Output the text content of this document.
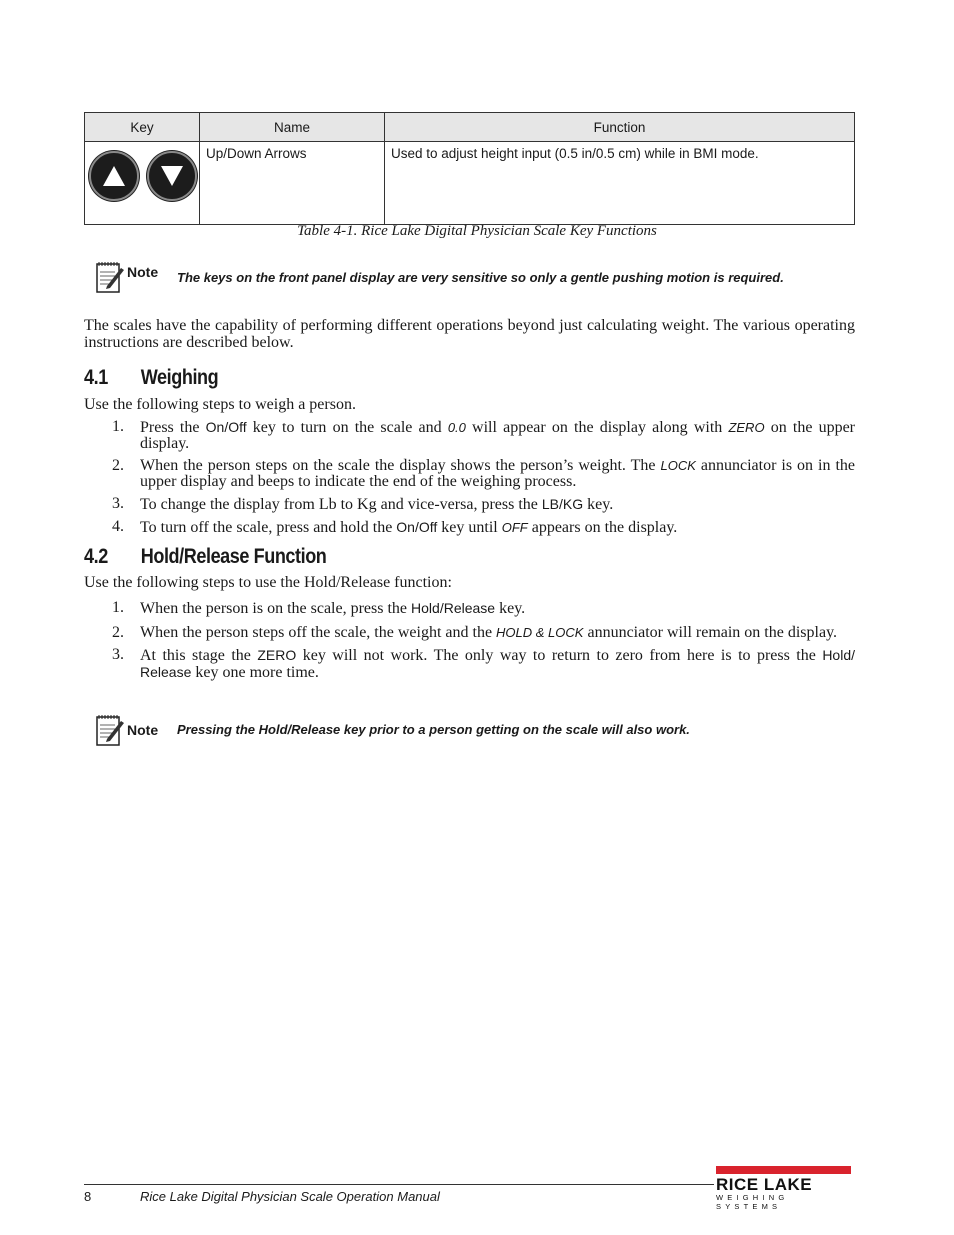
Key	Name	Function

	Up/Down Arrows	Used to adjust height input (0.5 in/0.5 cm) while in BMI mode.
Table 4-1. Rice Lake Digital Physician Scale Key Functions
Note The keys on the front panel display are very sensitive so only a gentle pushing motion is required.
The scales have the capability of performing different operations beyond just calculating weight. The various operating instructions are described below.
4.1 Weighing
Use the following steps to weigh a person.
1. Press the On/Off key to turn on the scale and 0.0 will appear on the display along with ZERO on the upper display.
2. When the person steps on the scale the display shows the person’s weight. The LOCK annunciator is on in the upper display and beeps to indicate the end of the weighing process.
3. To change the display from Lb to Kg and vice-versa, press the LB/KG key.
4. To turn off the scale, press and hold the On/Off key until OFF appears on the display.
4.2 Hold/Release Function
Use the following steps to use the Hold/Release function:
1. When the person is on the scale, press the Hold/Release key.
2. When the person steps off the scale, the weight and the HOLD & LOCK annunciator will remain on the display.
3. At this stage the ZERO key will not work. The only way to return to zero from here is to press the Hold/ Release key one more time.
Note Pressing the Hold/Release key prior to a person getting on the scale will also work.
8	Rice Lake Digital Physician Scale Operation Manual
RICE LAKE
WEIGHING SYSTEMS
